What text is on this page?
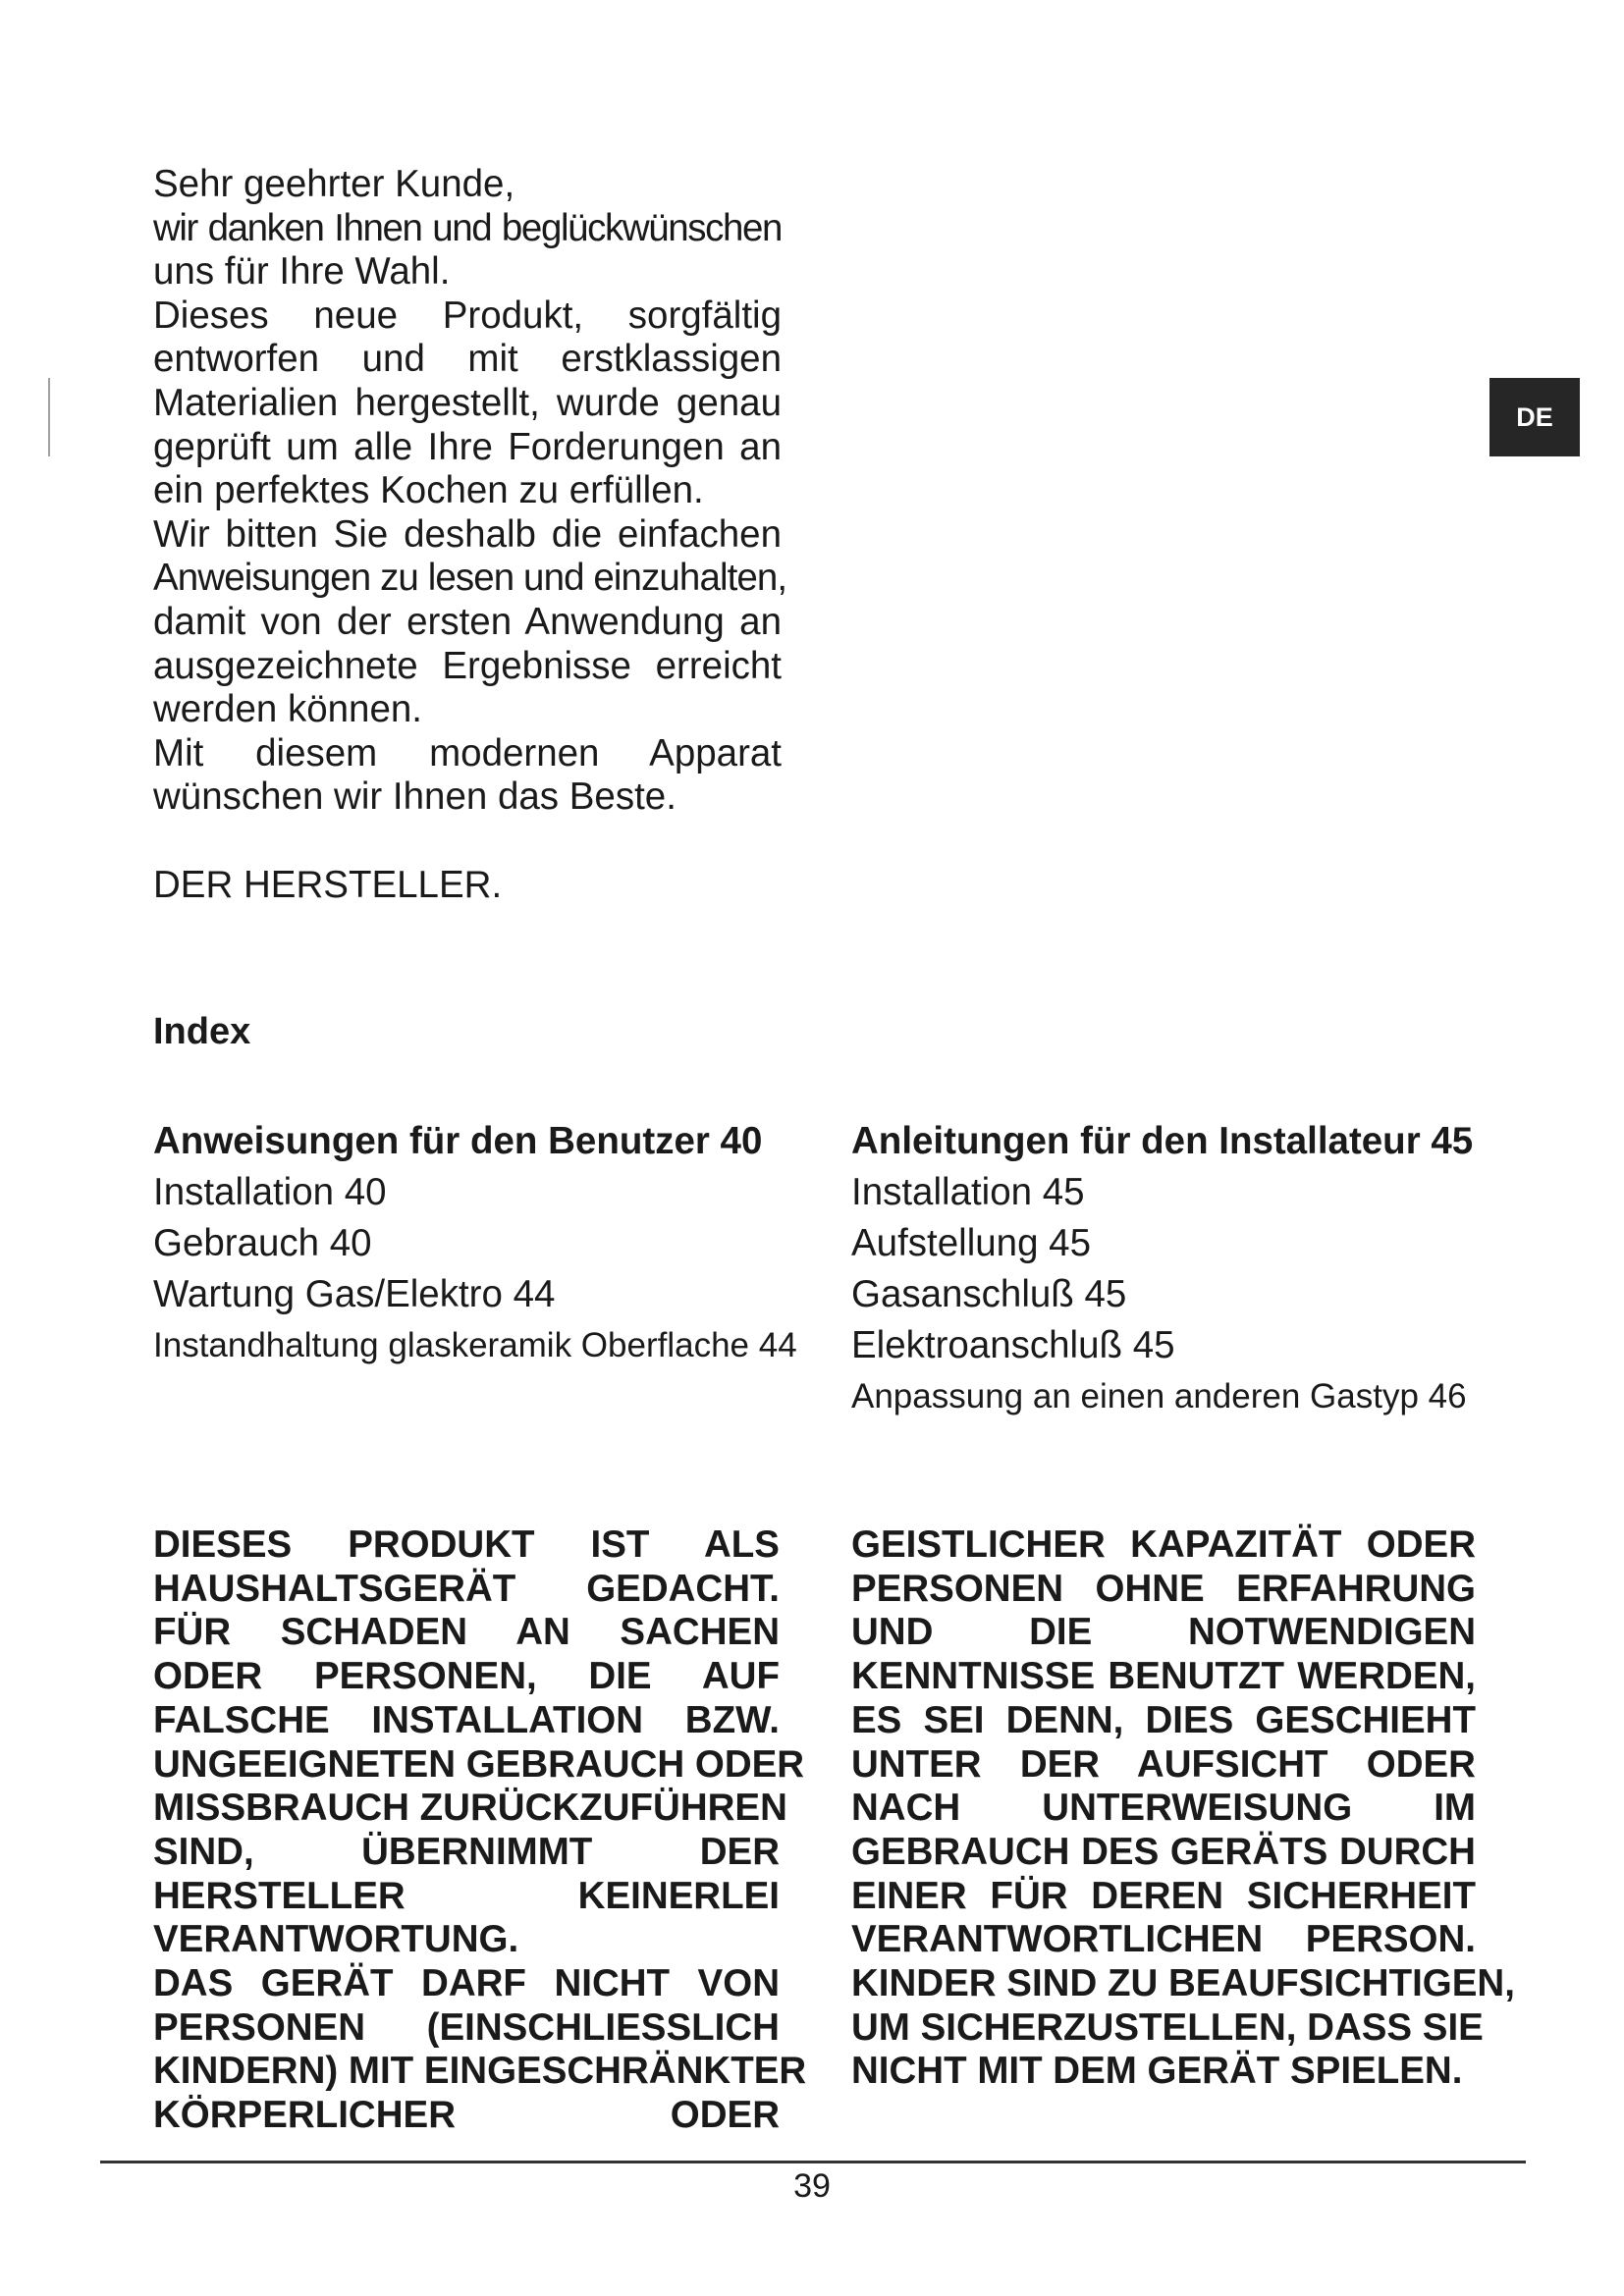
Sehr geehrter Kunde,
wir danken Ihnen und beglückwünschen
uns für Ihre Wahl.
Dieses neue Produkt, sorgfältig
entworfen und mit erstklassigen
Materialien hergestellt, wurde genau
geprüft um alle Ihre Forderungen an
ein perfektes Kochen zu erfüllen.
Wir bitten Sie deshalb die einfachen
Anweisungen zu lesen und einzuhalten,
damit von der ersten Anwendung an
ausgezeichnete Ergebnisse erreicht
werden können.
Mit diesem modernen Apparat
wünschen wir Ihnen das Beste.
DER HERSTELLER.
Index
Anweisungen für den Benutzer 40
Installation 40
Gebrauch 40
Wartung Gas/Elektro 44
Instandhaltung glaskeramik Oberflache 44
Anleitungen für den Installateur 45
Installation 45
Aufstellung 45
Gasanschluß 45
Elektroanschluß 45
Anpassung an einen anderen Gastyp 46
DIESES PRODUKT IST ALS
HAUSHALTSGERÄT GEDACHT.
FÜR SCHADEN AN SACHEN
ODER PERSONEN, DIE AUF
FALSCHE INSTALLATION BZW.
UNGEEIGNETEN GEBRAUCH ODER
MISSBRAUCH ZURÜCKZUFÜHREN
SIND, ÜBERNIMMT DER
HERSTELLER KEINERLEI
VERANTWORTUNG.
DAS GERÄT DARF NICHT VON
PERSONEN (EINSCHLIESSLICH
KINDERN) MIT EINGESCHRÄNKTER
KÖRPERLICHER ODER
GEISTLICHER KAPAZITÄT ODER
PERSONEN OHNE ERFAHRUNG
UND DIE NOTWENDIGEN
KENNTNISSE BENUTZT WERDEN,
ES SEI DENN, DIES GESCHIEHT
UNTER DER AUFSICHT ODER
NACH UNTERWEISUNG IM
GEBRAUCH DES GERÄTS DURCH
EINER FÜR DEREN SICHERHEIT
VERANTWORTLICHEN PERSON.
KINDER SIND ZU BEAUFSICHTIGEN,
UM SICHERZUSTELLEN, DASS SIE
NICHT MIT DEM GERÄT SPIELEN.
DE
39
